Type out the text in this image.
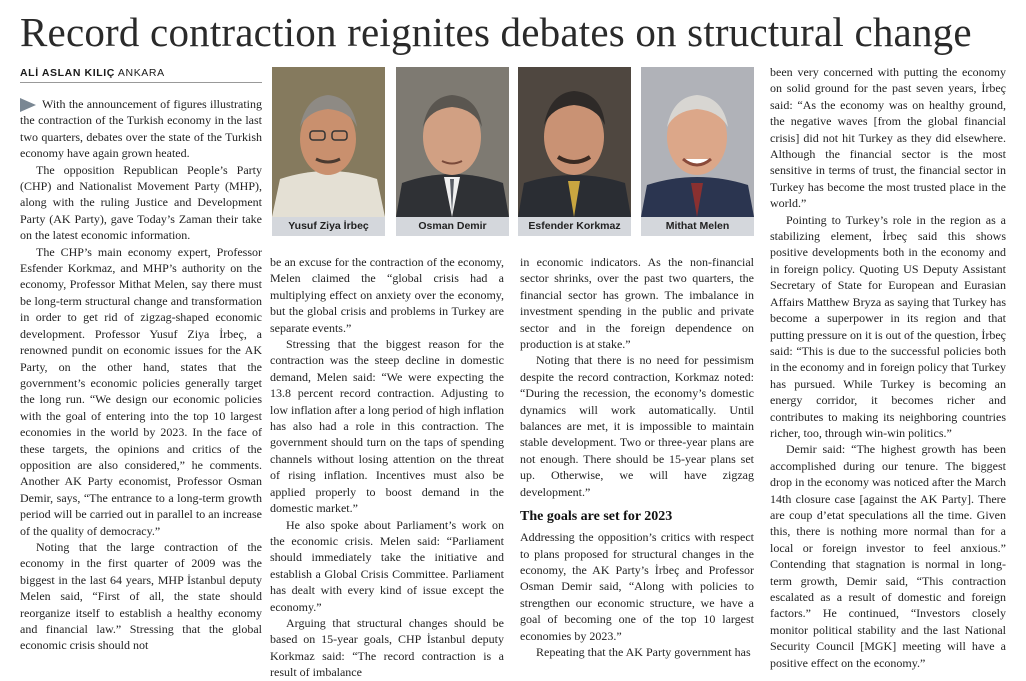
Record contraction reignites debates on structural change
ALİ ASLAN KILIÇ ANKARA

With the announcement of figures illustrating the contraction of the Turkish economy in the last two quarters, debates over the state of the Turkish economy have again grown heated.

The opposition Republican People’s Party (CHP) and Nationalist Movement Party (MHP), along with the ruling Justice and Development Party (AK Party), gave Today’s Zaman their take on the latest economic information.

The CHP’s main economy expert, Professor Esfender Korkmaz, and MHP’s authority on the economy, Professor Mithat Melen, say there must be long-term structural change and transformation in order to get rid of zigzag-shaped economic development. Professor Yusuf Ziya İrbeç, a renowned pundit on economic issues for the AK Party, on the other hand, states that the government’s economic policies generally target the long run. “We design our economic policies with the goal of entering into the top 10 largest economies in the world by 2023. In the face of these targets, the opinions and critics of the opposition are also considered,” he comments. Another AK Party economist, Professor Osman Demir, says, “The entrance to a long-term growth period will be carried out in parallel to an increase of the quality of democracy.”

Noting that the large contraction of the economy in the first quarter of 2009 was the biggest in the last 64 years, MHP İstanbul deputy Melen said, “First of all, the state should reorganize itself to establish a healthy economy and financial law.” Stressing that the global economic crisis should not

Yusuf Ziya İrbeç	Osman Demir	Esfender Korkmaz	Mithat Melen

be an excuse for the contraction of the economy, Melen claimed the “global crisis had a multiplying effect on anxiety over the economy, but the global crisis and problems in Turkey are separate events.”

Stressing that the biggest reason for the contraction was the steep decline in domestic demand, Melen said: “We were expecting the 13.8 percent record contraction. Adjusting to low inflation after a long period of high inflation has also had a role in this contraction. The government should turn on the taps of spending channels without losing attention on the threat of rising inflation. Incentives must also be applied properly to boost demand in the domestic market.”

He also spoke about Parliament’s work on the economic crisis. Melen said: “Parliament should immediately take the initiative and establish a Global Crisis Committee. Parliament has dealt with every kind of issue except the economy.”

Arguing that structural changes should be based on 15-year goals, CHP İstanbul deputy Korkmaz said: “The record contraction is a result of imbalance

in economic indicators. As the non-financial sector shrinks, over the past two quarters, the financial sector has grown. The imbalance in investment spending in the public and private sector and in the foreign dependence on production is at stake.”

Noting that there is no need for pessimism despite the record contraction, Korkmaz noted: “During the recession, the economy’s domestic dynamics will work automatically. Until balances are met, it is impossible to maintain stable development. Two or three-year plans are not enough. There should be 15-year plans set up. Otherwise, we will have zigzag development.”

The goals are set for 2023

Addressing the opposition’s critics with respect to plans proposed for structural changes in the economy, the AK Party’s İrbeç and Professor Osman Demir said, “Along with policies to strengthen our economic structure, we have a goal of becoming one of the top 10 largest economies by 2023.”

Repeating that the AK Party government has

been very concerned with putting the economy on solid ground for the past seven years, İrbeç said: “As the economy was on healthy ground, the negative waves [from the global financial crisis] did not hit Turkey as they did elsewhere. Although the financial sector is the most sensitive in terms of trust, the financial sector in Turkey has become the most trusted place in the world.”

Pointing to Turkey’s role in the region as a stabilizing element, İrbeç said this shows positive developments both in the economy and in foreign policy. Quoting US Deputy Assistant Secretary of State for European and Eurasian Affairs Matthew Bryza as saying that Turkey has become a superpower in its region and that putting pressure on it is out of the question, İrbeç said: “This is due to the successful policies both in the economy and in foreign policy that Turkey has pursued. While Turkey is becoming an energy corridor, it becomes richer and contributes to making its neighboring countries richer, too, through win-win politics.”

Demir said: “The highest growth has been accomplished during our tenure. The biggest drop in the economy was noticed after the March 14th closure case [against the AK Party]. There are coup d’etat speculations all the time. Given this, there is nothing more normal than for a local or foreign investor to feel anxious.” Contending that stagnation is normal in long-term growth, Demir said, “This contraction escalated as a result of domestic and foreign factors.” He continued, “Investors closely monitor political stability and the last National Security Council [MGK] meeting will have a positive effect on the economy.”
